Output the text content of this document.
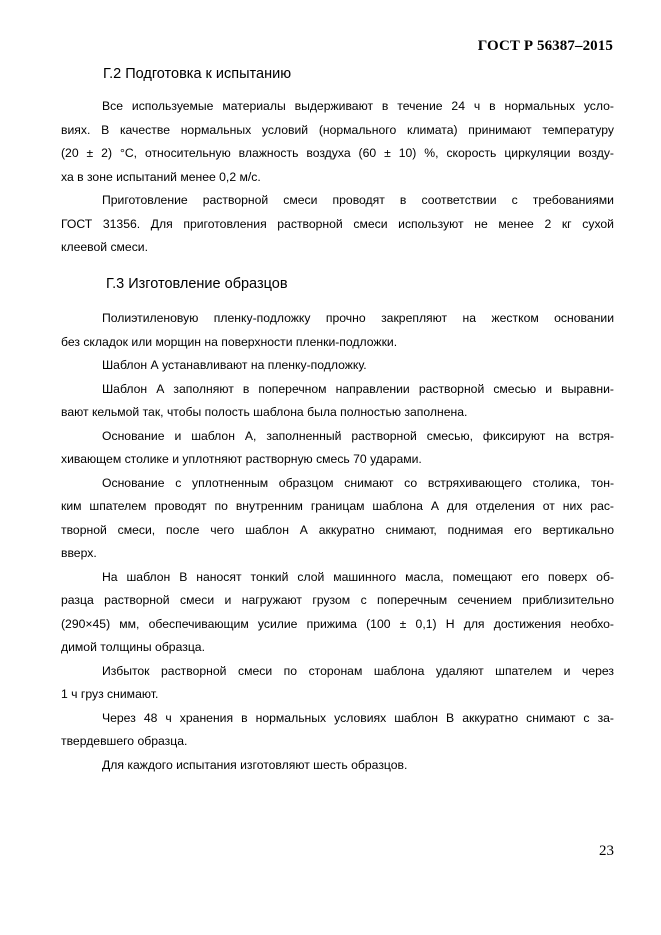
ГОСТ Р 56387–2015
Г.2 Подготовка к испытанию
Все используемые материалы выдерживают в течение 24 ч в нормальных усло-
виях. В качестве нормальных условий (нормального климата) принимают температуру
(20 ± 2) °С, относительную влажность воздуха (60 ± 10) %, скорость циркуляции возду-
ха в зоне испытаний менее 0,2 м/с.
Приготовление растворной смеси проводят в соответствии с требованиями
ГОСТ 31356. Для приготовления растворной смеси используют не менее 2 кг сухой
клеевой смеси.
Г.3 Изготовление образцов
Полиэтиленовую пленку-подложку прочно закрепляют на жестком основании
без складок или морщин на поверхности пленки-подложки.
Шаблон А устанавливают на пленку-подложку.
Шаблон А заполняют в поперечном направлении растворной смесью и выравни-
вают кельмой так, чтобы полость шаблона была полностью заполнена.
Основание и шаблон А, заполненный растворной смесью, фиксируют на встря-
хивающем столике и уплотняют растворную смесь 70 ударами.
Основание с уплотненным образцом снимают со встряхивающего столика, тон-
ким шпателем проводят по внутренним границам шаблона А для отделения от них рас-
творной смеси, после чего шаблон А аккуратно снимают, поднимая его вертикально
вверх.
На шаблон В наносят тонкий слой машинного масла, помещают его поверх об-
разца растворной смеси и нагружают грузом с поперечным сечением приблизительно
(290×45) мм, обеспечивающим усилие прижима (100 ± 0,1) Н для достижения необхо-
димой толщины образца.
Избыток растворной смеси по сторонам шаблона удаляют шпателем и через
1 ч груз снимают.
Через 48 ч хранения в нормальных условиях шаблон В аккуратно снимают с за-
твердевшего образца.
Для каждого испытания изготовляют шесть образцов.
23
